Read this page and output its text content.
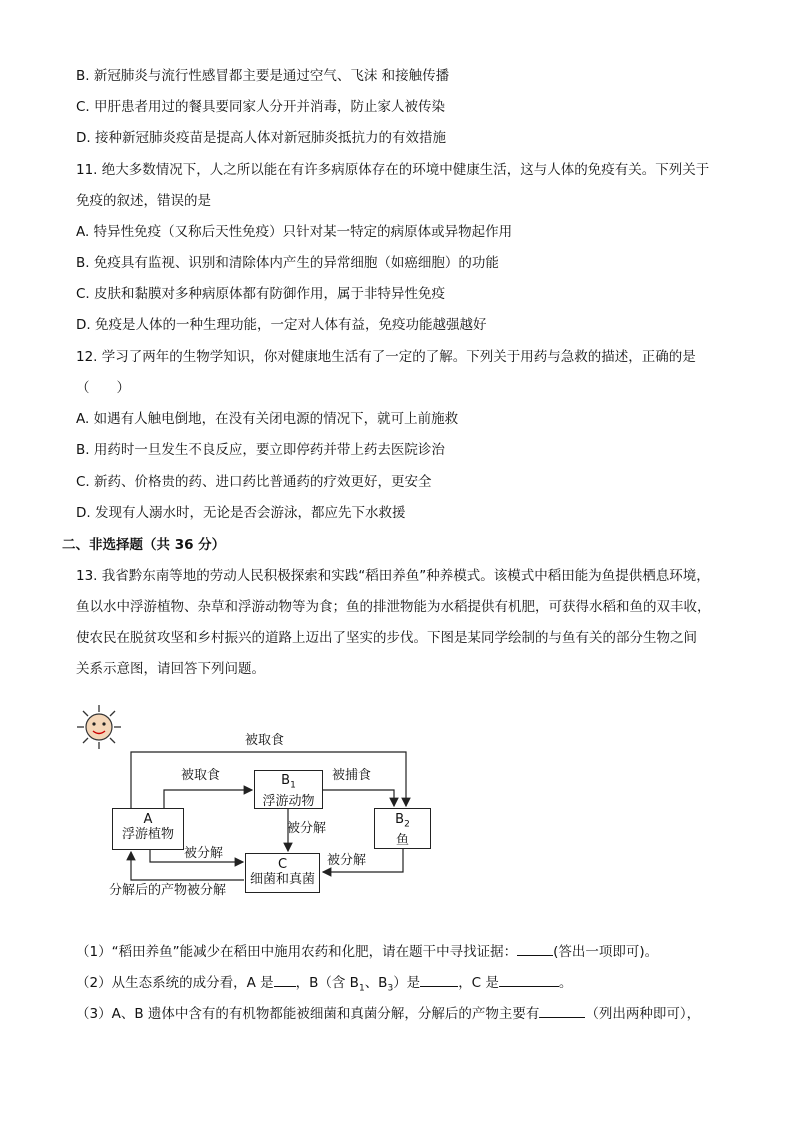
B. 新冠肺炎与流行性感冒都主要是通过空气、飞沫 和接触传播
C. 甲肝患者用过的餐具要同家人分开并消毒，防止家人被传染
D. 接种新冠肺炎疫苗是提高人体对新冠肺炎抵抗力的有效措施
11. 绝大多数情况下，人之所以能在有许多病原体存在的环境中健康生活，这与人体的免疫有关。下列关于
免疫的叙述，错误的是
A. 特异性免疫（又称后天性免疫）只针对某一特定的病原体或异物起作用
B. 免疫具有监视、识别和清除体内产生的异常细胞（如癌细胞）的功能
C. 皮肤和黏膜对多种病原体都有防御作用，属于非特异性免疫
D. 免疫是人体的一种生理功能，一定对人体有益，免疫功能越强越好
12. 学习了两年的生物学知识，你对健康地生活有了一定的了解。下列关于用药与急救的描述，正确的是
（　　）
A. 如遇有人触电倒地，在没有关闭电源的情况下，就可上前施救
B. 用药时一旦发生不良反应，要立即停药并带上药去医院诊治
C. 新药、价格贵的药、进口药比普通药的疗效更好，更安全
D. 发现有人溺水时，无论是否会游泳，都应先下水救援
二、非选择题（共 36 分）
13. 我省黔东南等地的劳动人民积极探索和实践“稻田养鱼”种养模式。该模式中稻田能为鱼提供栖息环境，
鱼以水中浮游植物、杂草和浮游动物等为食；鱼的排泄物能为水稻提供有机肥，可获得水稻和鱼的双丰收，
使农民在脱贫攻坚和乡村振兴的道路上迈出了坚实的步伐。下图是某同学绘制的与鱼有关的部分生物之间
关系示意图，请回答下列问题。
A
浮游植物
$B_1$
浮游动物
$B_2$
鱼
C
细菌和真菌
被取食
被取食	被捕食
被分解
被分解	被分解
分解后的产物被分解
（1）“稻田养鱼”能减少在稻田中施用农药和化肥，请在题干中寻找证据：	(答出一项即可)。
（2）从生态系统的成分看，A 是 ，B（含 $B_1$、$B_3$）是	，C 是	。
（3）A、B 遗体中含有的有机物都能被细菌和真菌分解，分解后的产物主要有	（列出两种即可），
